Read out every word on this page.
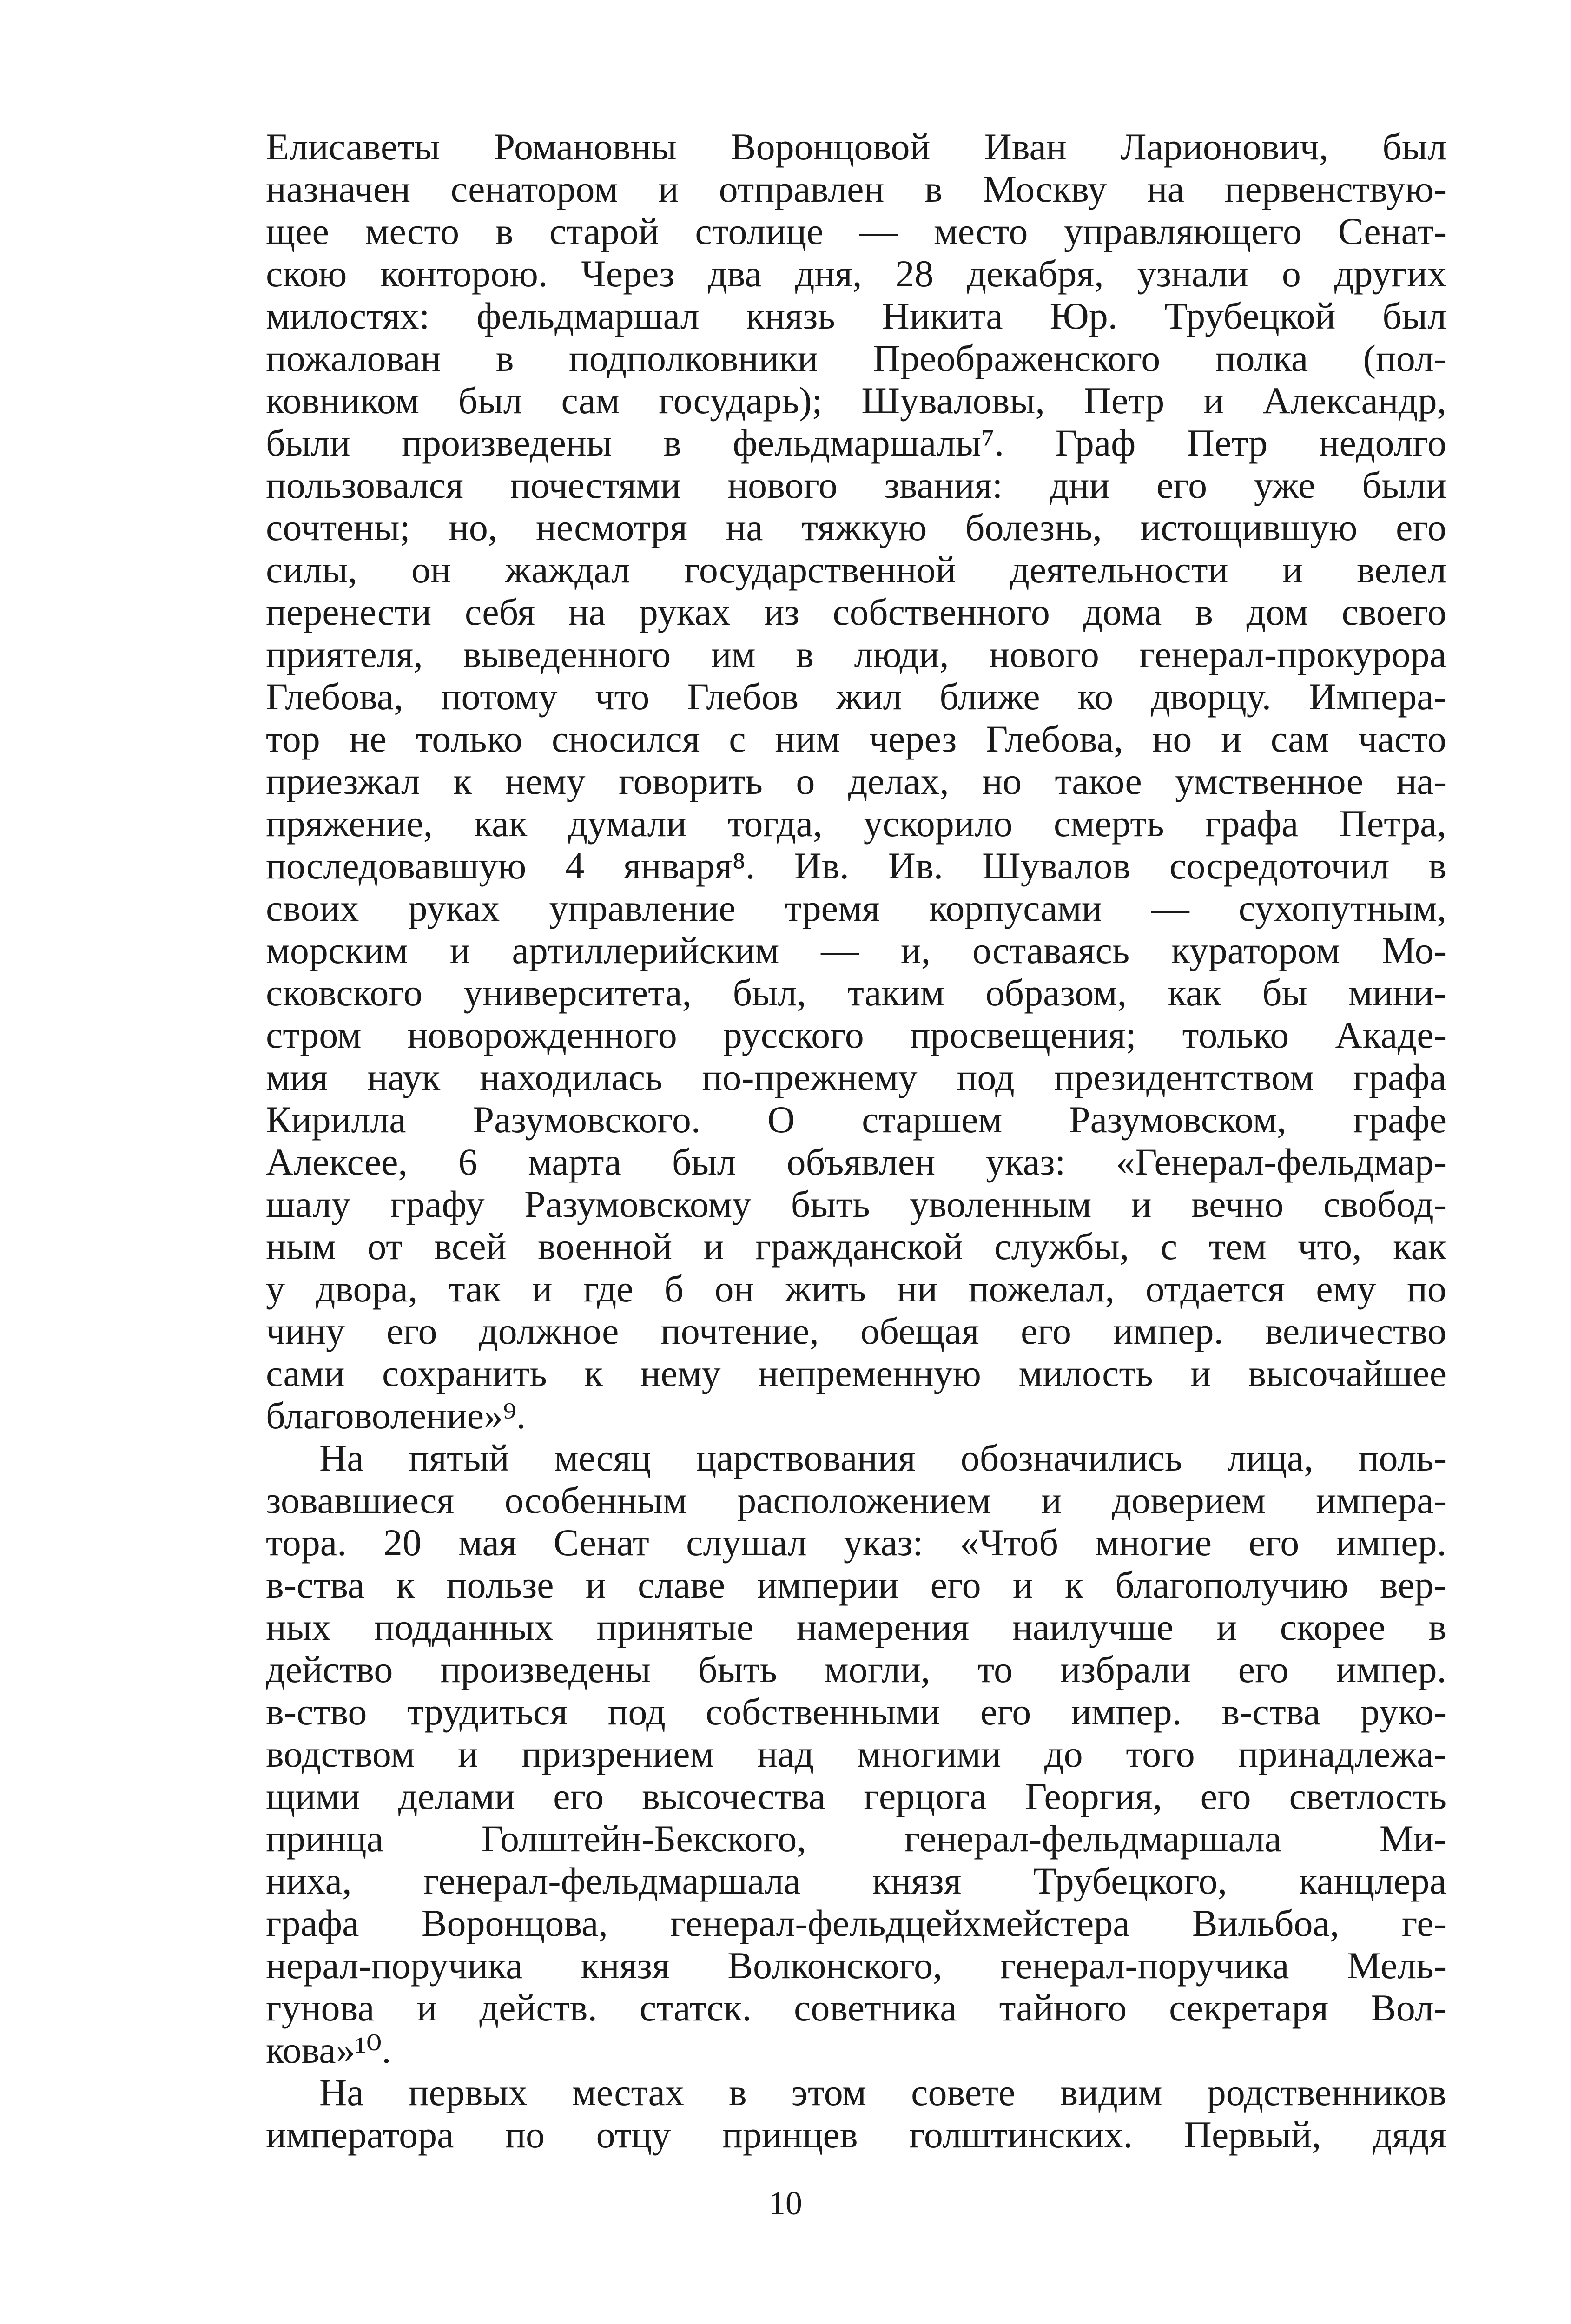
Елисаветы Романовны Воронцовой Иван Ларионович, был
назначен сенатором и отправлен в Москву на первенствую-
щее место в старой столице — место управляющего Сенат-
скою конторою. Через два дня, 28 декабря, узнали о других
милостях: фельдмаршал князь Никита Юр. Трубецкой был
пожалован в подполковники Преображенского полка (пол-
ковником был сам государь); Шуваловы, Петр и Александр,
были произведены в фельдмаршалы⁷. Граф Петр недолго
пользовался почестями нового звания: дни его уже были
сочтены; но, несмотря на тяжкую болезнь, истощившую его
силы, он жаждал государственной деятельности и велел
перенести себя на руках из собственного дома в дом своего
приятеля, выведенного им в люди, нового генерал-прокурора
Глебова, потому что Глебов жил ближе ко дворцу. Импера-
тор не только сносился с ним через Глебова, но и сам часто
приезжал к нему говорить о делах, но такое умственное на-
пряжение, как думали тогда, ускорило смерть графа Петра,
последовавшую 4 января⁸. Ив. Ив. Шувалов сосредоточил в
своих руках управление тремя корпусами — сухопутным,
морским и артиллерийским — и, оставаясь куратором Мо-
сковского университета, был, таким образом, как бы мини-
стром новорожденного русского просвещения; только Акаде-
мия наук находилась по-прежнему под президентством графа
Кирилла Разумовского. О старшем Разумовском, графе
Алексее, 6 марта был объявлен указ: «Генерал-фельдмар-
шалу графу Разумовскому быть уволенным и вечно свобод-
ным от всей военной и гражданской службы, с тем что, как
у двора, так и где б он жить ни пожелал, отдается ему по
чину его должное почтение, обещая его импер. величество
сами сохранить к нему непременную милость и высочайшее
благоволение»⁹.
На пятый месяц царствования обозначились лица, поль-
зовавшиеся особенным расположением и доверием импера-
тора. 20 мая Сенат слушал указ: «Чтоб многие его импер.
в-ства к пользе и славе империи его и к благополучию вер-
ных подданных принятые намерения наилучше и скорее в
действо произведены быть могли, то избрали его импер.
в-ство трудиться под собственными его импер. в-ства руко-
водством и призрением над многими до того принадлежа-
щими делами его высочества герцога Георгия, его светлость
принца Голштейн-Бекского, генерал-фельдмаршала Ми-
ниха, генерал-фельдмаршала князя Трубецкого, канцлера
графа Воронцова, генерал-фельдцейхмейстера Вильбоа, ге-
нерал-поручика князя Волконского, генерал-поручика Мель-
гунова и действ. статск. советника тайного секретаря Вол-
кова»¹⁰.
На первых местах в этом совете видим родственников
императора по отцу принцев голштинских. Первый, дядя
10
